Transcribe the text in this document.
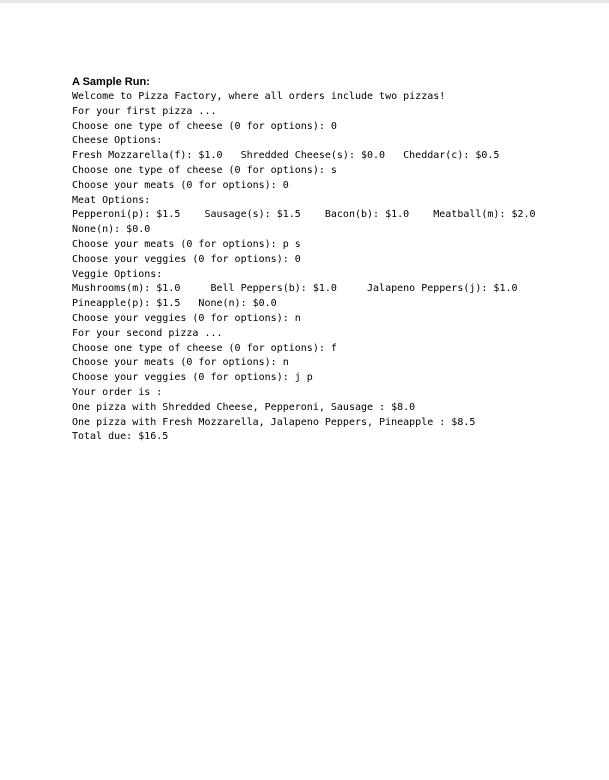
A Sample Run:
Welcome to Pizza Factory, where all orders include two pizzas!
For your first pizza ...
Choose one type of cheese (0 for options): 0
Cheese Options:
Fresh Mozzarella(f): $1.0   Shredded Cheese(s): $0.0   Cheddar(c): $0.5
Choose one type of cheese (0 for options): s
Choose your meats (0 for options): 0
Meat Options:
Pepperoni(p): $1.5    Sausage(s): $1.5    Bacon(b): $1.0    Meatball(m): $2.0
None(n): $0.0
Choose your meats (0 for options): p s
Choose your veggies (0 for options): 0
Veggie Options:
Mushrooms(m): $1.0     Bell Peppers(b): $1.0     Jalapeno Peppers(j): $1.0
Pineapple(p): $1.5   None(n): $0.0
Choose your veggies (0 for options): n
For your second pizza ...
Choose one type of cheese (0 for options): f
Choose your meats (0 for options): n
Choose your veggies (0 for options): j p
Your order is :
One pizza with Shredded Cheese, Pepperoni, Sausage : $8.0
One pizza with Fresh Mozzarella, Jalapeno Peppers, Pineapple : $8.5
Total due: $16.5
